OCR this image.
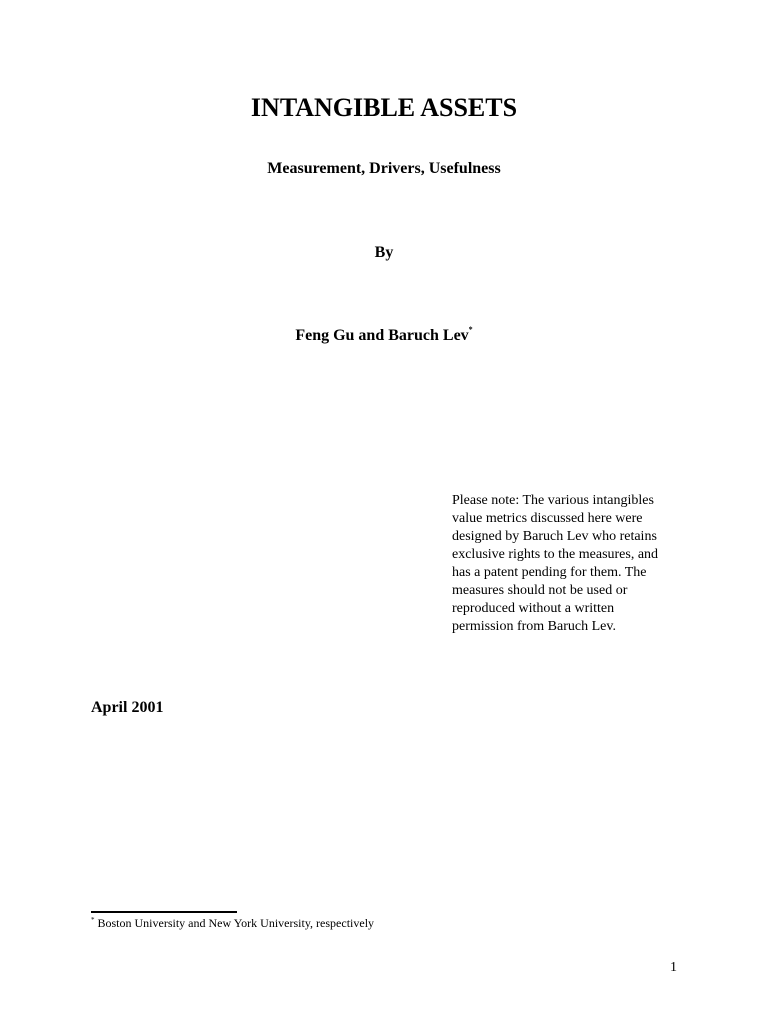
INTANGIBLE ASSETS
Measurement, Drivers, Usefulness
By
Feng Gu and Baruch Lev*
Please note: The various intangibles
value metrics discussed here were
designed by Baruch Lev who retains
exclusive rights to the measures, and
has a patent pending for them. The
measures should not be used or
reproduced without a written
permission from Baruch Lev.
April 2001
* Boston University and New York University, respectively
1
